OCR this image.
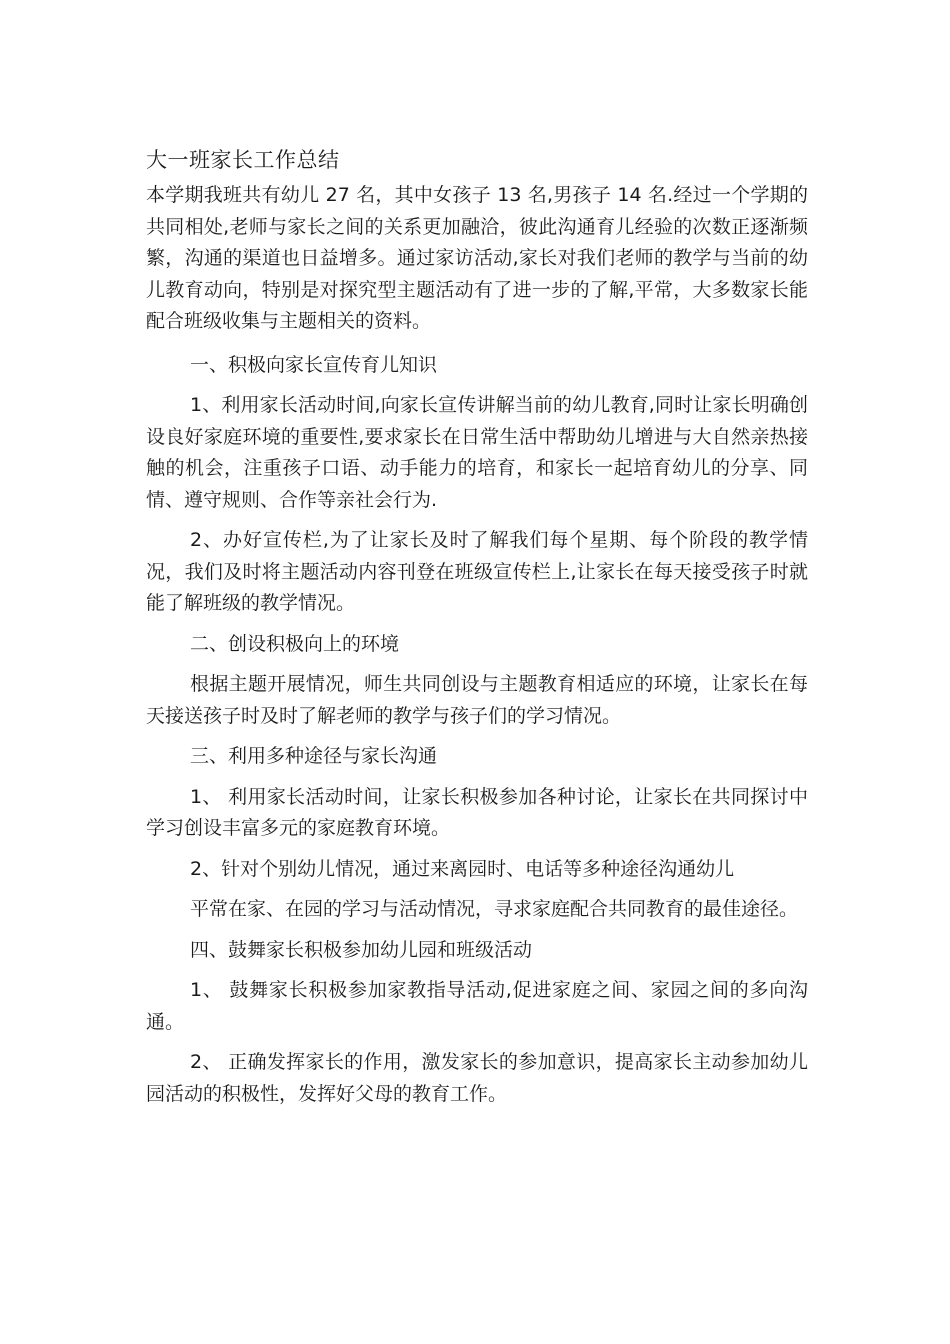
大一班家长工作总结

本学期我班共有幼儿 27 名，其中女孩子 13 名,男孩子 14 名.经过一个学期的共同相处,老师与家长之间的关系更加融洽，彼此沟通育儿经验的次数正逐渐频繁，沟通的渠道也日益增多。通过家访活动,家长对我们老师的教学与当前的幼儿教育动向，特别是对探究型主题活动有了进一步的了解,平常，大多数家长能配合班级收集与主题相关的资料。

一、积极向家长宣传育儿知识

1、利用家长活动时间,向家长宣传讲解当前的幼儿教育,同时让家长明确创设良好家庭环境的重要性,要求家长在日常生活中帮助幼儿增进与大自然亲热接触的机会，注重孩子口语、动手能力的培育，和家长一起培育幼儿的分享、同情、遵守规则、合作等亲社会行为.

2、办好宣传栏,为了让家长及时了解我们每个星期、每个阶段的教学情况，我们及时将主题活动内容刊登在班级宣传栏上,让家长在每天接受孩子时就能了解班级的教学情况。

二、创设积极向上的环境

根据主题开展情况，师生共同创设与主题教育相适应的环境，让家长在每天接送孩子时及时了解老师的教学与孩子们的学习情况。

三、利用多种途径与家长沟通

1、 利用家长活动时间，让家长积极参加各种讨论，让家长在共同探讨中学习创设丰富多元的家庭教育环境。

2、针对个别幼儿情况，通过来离园时、电话等多种途径沟通幼儿

平常在家、在园的学习与活动情况，寻求家庭配合共同教育的最佳途径。

四、鼓舞家长积极参加幼儿园和班级活动

1、 鼓舞家长积极参加家教指导活动,促进家庭之间、家园之间的多向沟通。

2、 正确发挥家长的作用，激发家长的参加意识，提高家长主动参加幼儿园活动的积极性，发挥好父母的教育工作。
